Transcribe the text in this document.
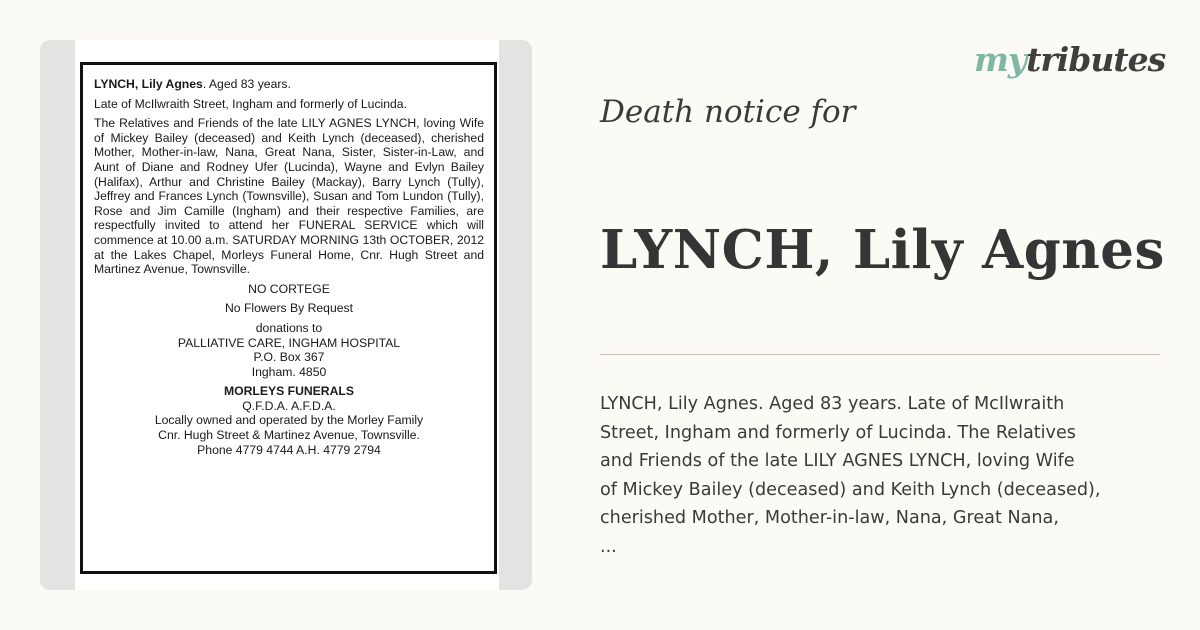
LYNCH, Lily Agnes. Aged 83 years.

Late of McIlwraith Street, Ingham and formerly of Lucinda.

The Relatives and Friends of the late LILY AGNES LYNCH, loving Wife of Mickey Bailey (deceased) and Keith Lynch (deceased), cherished Mother, Mother-in-law, Nana, Great Nana, Sister, Sister-in-Law, and Aunt of Diane and Rodney Ufer (Lucinda), Wayne and Evlyn Bailey (Halifax), Arthur and Christine Bailey (Mackay), Barry Lynch (Tully), Jeffrey and Frances Lynch (Townsville), Susan and Tom Lundon (Tully), Rose and Jim Camille (Ingham) and their respective Families, are respectfully invited to attend her FUNERAL SERVICE which will commence at 10.00 a.m. SATURDAY MORNING 13th OCTOBER, 2012 at the Lakes Chapel, Morleys Funeral Home, Cnr. Hugh Street and Martinez Avenue, Townsville.

NO CORTEGE

No Flowers By Request

donations to

PALLIATIVE CARE, INGHAM HOSPITAL

P.O. Box 367

Ingham. 4850

MORLEYS FUNERALS

Q.F.D.A. A.F.D.A.

Locally owned and operated by the Morley Family

Cnr. Hugh Street & Martinez Avenue, Townsville.

Phone 4779 4744 A.H. 4779 2794

mytributes
Death notice for
LYNCH, Lily Agnes

LYNCH, Lily Agnes. Aged 83 years. Late of McIlwraith
Street, Ingham and formerly of Lucinda. The Relatives
and Friends of the late LILY AGNES LYNCH, loving Wife
of Mickey Bailey (deceased) and Keith Lynch (deceased),
cherished Mother, Mother-in-law, Nana, Great Nana,
...
